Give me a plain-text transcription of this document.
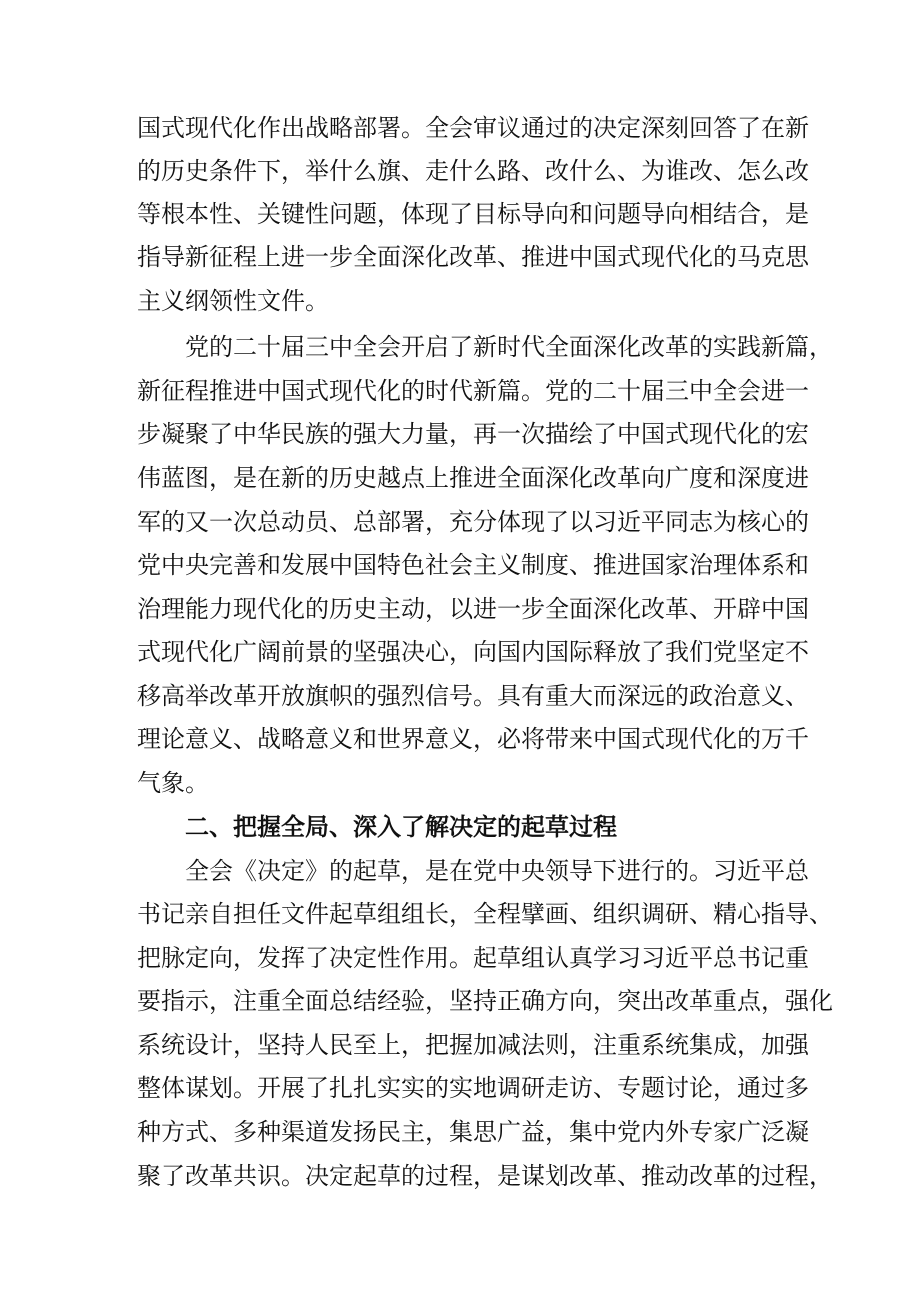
国式现代化作出战略部署。全会审议通过的决定深刻回答了在新
的历史条件下，举什么旗、走什么路、改什么、为谁改、怎么改
等根本性、关键性问题，体现了目标导向和问题导向相结合，是
指导新征程上进一步全面深化改革、推进中国式现代化的马克思
主义纲领性文件。
党的二十届三中全会开启了新时代全面深化改革的实践新篇，
新征程推进中国式现代化的时代新篇。党的二十届三中全会进一
步凝聚了中华民族的强大力量，再一次描绘了中国式现代化的宏
伟蓝图，是在新的历史越点上推进全面深化改革向广度和深度进
军的又一次总动员、总部署，充分体现了以习近平同志为核心的
党中央完善和发展中国特色社会主义制度、推进国家治理体系和
治理能力现代化的历史主动，以进一步全面深化改革、开辟中国
式现代化广阔前景的坚强决心，向国内国际释放了我们党坚定不
移高举改革开放旗帜的强烈信号。具有重大而深远的政治意义、
理论意义、战略意义和世界意义，必将带来中国式现代化的万千
气象。
二、把握全局、深入了解决定的起草过程
全会《决定》的起草，是在党中央领导下进行的。习近平总
书记亲自担任文件起草组组长，全程擘画、组织调研、精心指导、
把脉定向，发挥了决定性作用。起草组认真学习习近平总书记重
要指示，注重全面总结经验，坚持正确方向，突出改革重点，强化
系统设计，坚持人民至上，把握加减法则，注重系统集成，加强
整体谋划。开展了扎扎实实的实地调研走访、专题讨论，通过多
种方式、多种渠道发扬民主，集思广益，集中党内外专家广泛凝
聚了改革共识。决定起草的过程，是谋划改革、推动改革的过程，
